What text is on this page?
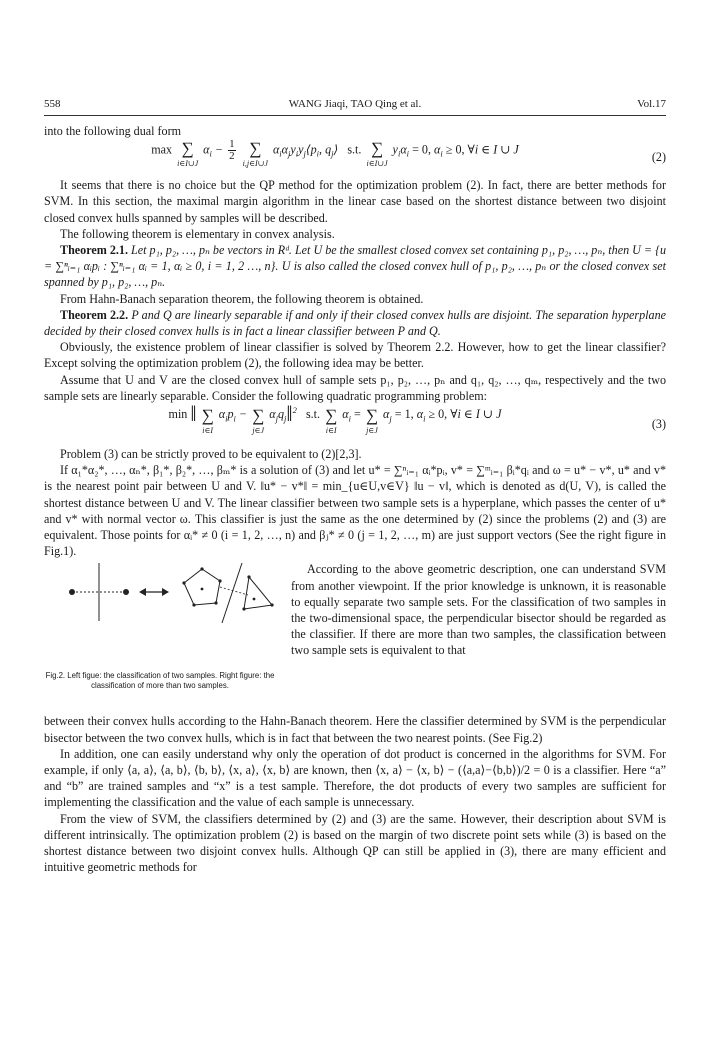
558	WANG Jiaqi, TAO Qing et al.	Vol.17

into the following dual form

max ∑
i∈I∪J
$\alpha_i - \frac{1}{2}$
∑
i,j∈I∪J
$\alpha_i\alpha_jy_iy_j⟨p_i$, $q_j⟩$   s.t. ∑
i∈I∪J
$y_i\alpha_i = 0$, $\alpha_i \ge 0$, ∀i ∈ I ∪ J
(2)

It seems that there is no choice but the QP method for the optimization problem (2). In fact, there are better methods for SVM. In this section, the maximal margin algorithm in the linear case based on the shortest distance between two disjoint closed convex hulls spanned by samples will be described.

The following theorem is elementary in convex analysis.

Theorem 2.1. Let p₁, p₂, …, pₙ be vectors in Rᵈ. Let U be the smallest closed convex set containing p₁, p₂, …, pₙ, then U = {u = ∑ⁿᵢ₌₁ αᵢpᵢ : ∑ⁿᵢ₌₁ αᵢ = 1, αᵢ ≥ 0, i = 1, 2 …, n}. U is also called the closed convex hull of p₁, p₂, …, pₙ or the closed convex set spanned by p₁, p₂, …, pₙ.

From Hahn-Banach separation theorem, the following theorem is obtained.

Theorem 2.2. P and Q are linearly separable if and only if their closed convex hulls are disjoint. The separation hyperplane decided by their closed convex hulls is in fact a linear classifier between P and Q.

Obviously, the existence problem of linear classifier is solved by Theorem 2.2. However, how to get the linear classifier? Except solving the optimization problem (2), the following idea may be better.

Assume that U and V are the closed convex hull of sample sets p₁, p₂, …, pₙ and q₁, q₂, …, qₘ, respectively and the two sample sets are linearly separable. Consider the following quadratic programming problem:

min ‖ ∑
i∈I
$\alpha_ip_i$ − ∑
j∈J
$\alpha_jq_j‖^2$ s.t. ∑
i∈I
$\alpha_i$ = ∑
j∈J
$\alpha_j = 1$, $\alpha_i \ge 0$, ∀i ∈ I ∪ J
(3)

Problem (3) can be strictly proved to be equivalent to (2)[2,3].

If α₁*α₂*, …, αₙ*, β₁*, β₂*, …, βₘ* is a solution of (3) and let u* = ∑ⁿᵢ₌₁ αᵢ*pᵢ, v* = ∑ᵐᵢ₌₁ βᵢ*qᵢ and ω = u* − v*, u* and v* is the nearest point pair between U and V. ‖u* − v*‖ = min_{u∈U,v∈V} ‖u − v‖, which is denoted as d(U, V), is called the shortest distance between U and V. The linear classifier between two sample sets is a hyperplane, which passes the center of u* and v* with normal vector ω. This classifier is just the same as the one determined by (2) since the problems (2) and (3) are equivalent. Those points for αᵢ* ≠ 0 (i = 1, 2, …, n) and βⱼ* ≠ 0 (j = 1, 2, …, m) are just support vectors (See the right figure in Fig.1).

Fig.2. Left figue: the classification of two samples. Right figure: the classification of more than two samples.

According to the above geometric description, one can understand SVM from another viewpoint. If the prior knowledge is unknown, it is reasonable to equally separate two sample sets. For the classification of two samples in the two-dimensional space, the perpendicular bisector should be regarded as the classifier. If there are more than two samples, the classification between two sample sets is equivalent to that

between their convex hulls according to the Hahn-Banach theorem. Here the classifier determined by SVM is the perpendicular bisector between the two convex hulls, which is in fact that between the two nearest points. (See Fig.2)

In addition, one can easily understand why only the operation of dot product is concerned in the algorithms for SVM. For example, if only ⟨a, a⟩, ⟨a, b⟩, ⟨b, b⟩, ⟨x, a⟩, ⟨x, b⟩ are known, then ⟨x, a⟩ − ⟨x, b⟩ − (⟨a,a⟩−⟨b,b⟩)/2 = 0 is a classifier. Here “a” and “b” are trained samples and “x” is a test sample. Therefore, the dot products of every two samples are sufficient for implementing the classification and the value of each sample is unnecessary.

From the view of SVM, the classifiers determined by (2) and (3) are the same. However, their description about SVM is different intrinsically. The optimization problem (2) is based on the margin of two discrete point sets while (3) is based on the shortest distance between two disjoint convex hulls. Although QP can still be applied in (3), there are many efficient and intuitive geometric methods for
